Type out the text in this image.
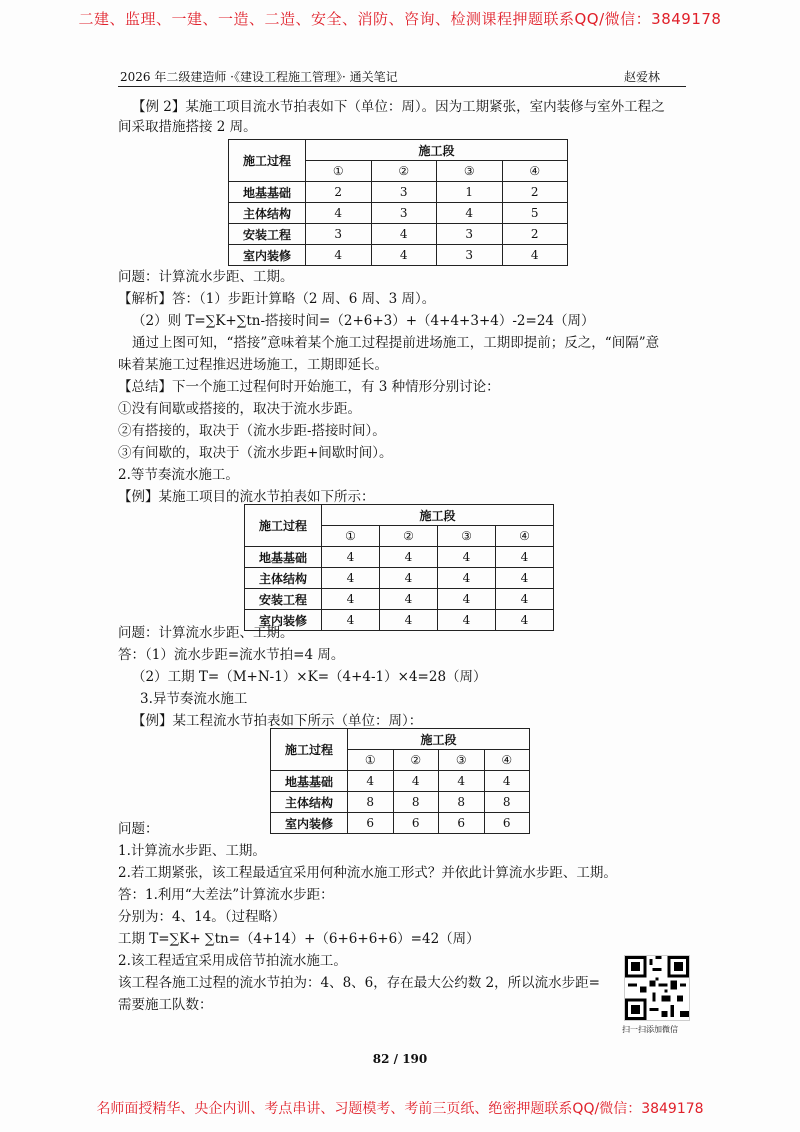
二建、监理、一建、一造、二造、安全、消防、咨询、检测课程押题联系QQ/微信：3849178
2026 年二级建造师 ·《建设工程施工管理》· 通关笔记	赵爱林
【例 2】某施工项目流水节拍表如下（单位：周）。因为工期紧张，室内装修与室外工程之
间采取措施搭接 2 周。
施工过程	施工段			
	①	②	③	④
地基基础	2	3	1	2
主体结构	4	3	4	5
安装工程	3	4	3	2
室内装修	4	4	3	4
问题：计算流水步距、工期。
【解析】答：（1）步距计算略（2 周、6 周、3 周）。
（2）则 T=∑K+∑tn-搭接时间=（2+6+3）+（4+4+3+4）-2=24（周）
通过上图可知，“搭接”意味着某个施工过程提前进场施工，工期即提前；反之，“间隔”意
味着某施工过程推迟进场施工，工期即延长。
【总结】下一个施工过程何时开始施工，有 3 种情形分别讨论：
①没有间歇或搭接的，取决于流水步距。
②有搭接的，取决于（流水步距-搭接时间）。
③有间歇的，取决于（流水步距+间歇时间）。
2.等节奏流水施工。
【例】某施工项目的流水节拍表如下所示：
施工过程	施工段			
	①	②	③	④
地基基础	4	4	4	4
主体结构	4	4	4	4
安装工程	4	4	4	4
室内装修	4	4	4	4
问题：计算流水步距、工期。
答：（1）流水步距=流水节拍=4 周。
（2）工期 T=（M+N-1）×K=（4+4-1）×4=28（周）
3.异节奏流水施工
【例】某工程流水节拍表如下所示（单位：周）：
施工过程	施工段			
	①	②	③	④
地基基础	4	4	4	4
主体结构	8	8	8	8
室内装修	6	6	6	6
问题：
1.计算流水步距、工期。
2.若工期紧张，该工程最适宜采用何种流水施工形式？并依此计算流水步距、工期。
答：1.利用“大差法”计算流水步距：
分别为：4、14。（过程略）
工期 T=∑K+ ∑tn=（4+14）+（6+6+6+6）=42（周）
2.该工程适宜采用成倍节拍流水施工。
该工程各施工过程的流水节拍为：4、8、6，存在最大公约数 2，所以流水步距=
需要施工队数：
扫一扫添加微信
82 / 190
名师面授精华、央企内训、考点串讲、习题模考、考前三页纸、绝密押题联系QQ/微信：3849178
